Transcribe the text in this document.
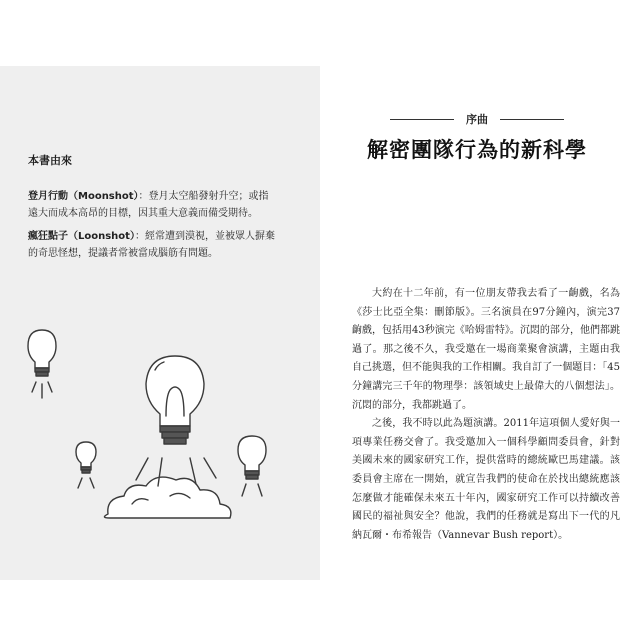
本書由來
登月行動（Moonshot）：登月太空船發射升空；或指遠大而成本高昂的目標，因其重大意義而備受期待。
瘋狂點子（Loonshot）：經常遭到漠視，並被眾人摒棄的奇思怪想，提議者常被當成腦筋有問題。
序曲
解密團隊行為的新科學

大約在十二年前，有一位朋友帶我去看了一齣戲，名為《莎士比亞全集：刪節版》。三名演員在97分鐘內，演完37齣戲，包括用43秒演完《哈姆雷特》。沉悶的部分，他們都跳過了。那之後不久，我受邀在一場商業聚會演講，主題由我自己挑選，但不能與我的工作相關。我自訂了一個題目：「45分鐘講完三千年的物理學：該領域史上最偉大的八個想法」。沉悶的部分，我都跳過了。

之後，我不時以此為題演講。2011年這項個人愛好與一項專業任務交會了。我受邀加入一個科學顧問委員會，針對美國未來的國家研究工作，提供當時的總統歐巴馬建議。該委員會主席在一開始，就宣告我們的使命在於找出總統應該怎麼做才能確保未來五十年內，國家研究工作可以持續改善國民的福祉與安全？他說，我們的任務就是寫出下一代的凡納瓦爾・布希報告（Vannevar Bush report）。
